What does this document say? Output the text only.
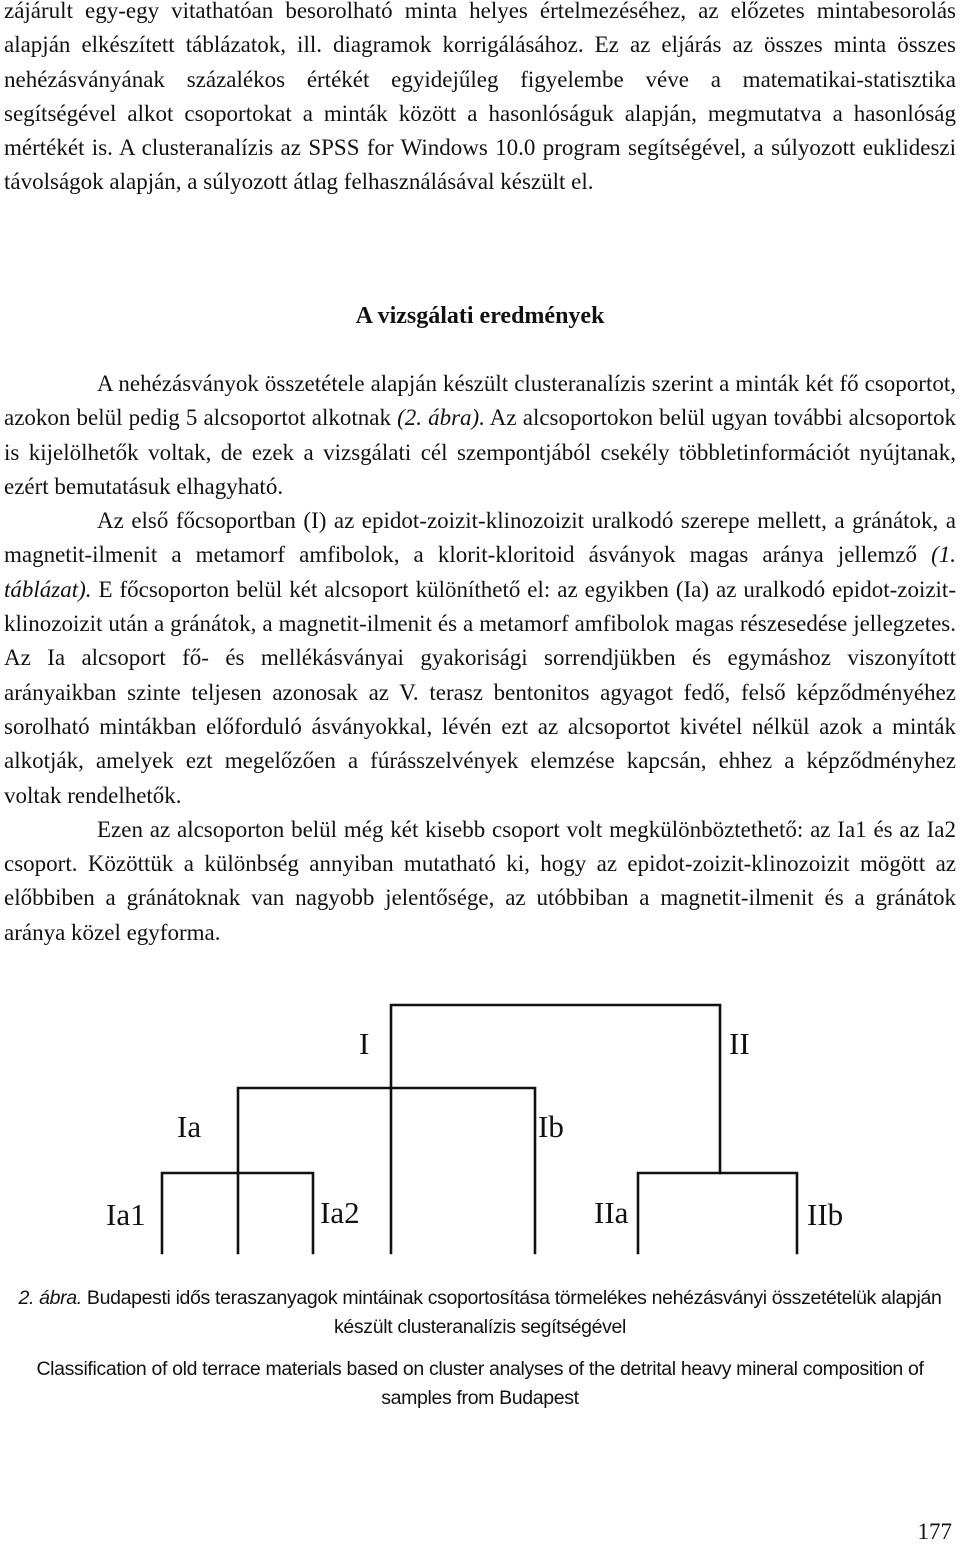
zájárult egy-egy vitathatóan besorolható minta helyes értelmezéséhez, az előzetes mintabesorolás alapján elkészített táblázatok, ill. diagramok korrigálásához. Ez az eljárás az összes minta összes nehézásványának százalékos értékét egyidejűleg figyelembe véve a matematikai-statisztika segítségével alkot csoportokat a minták között a hasonlóságuk alapján, megmutatva a hasonlóság mértékét is. A clusteranalízis az SPSS for Windows 10.0 program segítségével, a súlyozott euklideszi távolságok alapján, a súlyozott átlag felhasználásával készült el.

A vizsgálati eredmények

A nehézásványok összetétele alapján készült clusteranalízis szerint a minták két fő csoportot, azokon belül pedig 5 alcsoportot alkotnak (2. ábra). Az alcsoportokon belül ugyan további alcsoportok is kijelölhetők voltak, de ezek a vizsgálati cél szempontjából csekély többletinformációt nyújtanak, ezért bemutatásuk elhagyható.

Az első főcsoportban (I) az epidot-zoizit-klinozoizit uralkodó szerepe mellett, a gránátok, a magnetit-ilmenit a metamorf amfibolok, a klorit-kloritoid ásványok magas aránya jellemző (1. táblázat). E főcsoporton belül két alcsoport különíthető el: az egyikben (Ia) az uralkodó epidot-zoizit-klinozoizit után a gránátok, a magnetit-ilmenit és a metamorf amfibolok magas részesedése jellegzetes. Az Ia alcsoport fő- és mellékásványai gyakorisági sorrendjükben és egymáshoz viszonyított arányaikban szinte teljesen azonosak az V. terasz bentonitos agyagot fedő, felső képződményéhez sorolható mintákban előforduló ásványokkal, lévén ezt az alcsoportot kivétel nélkül azok a minták alkotják, amelyek ezt megelőzően a fúrásszelvények elemzése kapcsán, ehhez a képződményhez voltak rendelhetők.

Ezen az alcsoporton belül még két kisebb csoport volt megkülönböztethető: az Ia1 és az Ia2 csoport. Közöttük a különbség annyiban mutatható ki, hogy az epidot-zoizit-klinozoizit mögött az előbbiben a gránátoknak van nagyobb jelentősége, az utóbbiban a magnetit-ilmenit és a gránátok aránya közel egyforma.

I	II
Ia	Ib
Ia1	Ia2	IIa	IIb

2. ábra. Budapesti idős teraszanyagok mintáinak csoportosítása törmelékes nehézásványi összetételük alapján készült clusteranalízis segítségével

Classification of old terrace materials based on cluster analyses of the detrital heavy mineral composition of samples from Budapest

177
